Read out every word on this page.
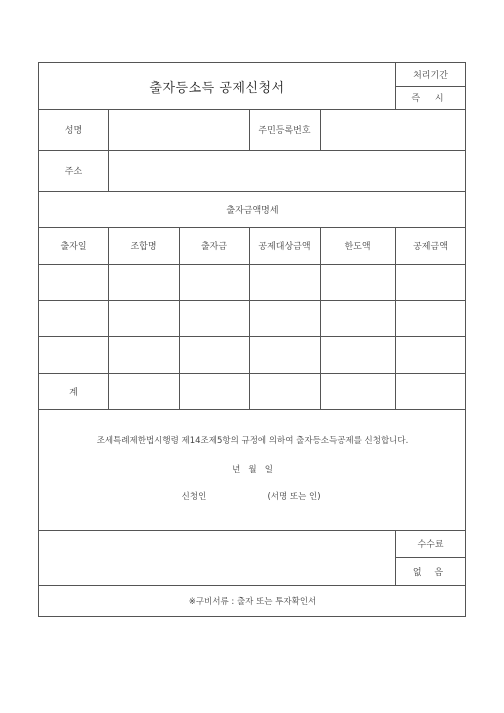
출자등소득 공제신청서
처리기간
즉 시
성명	주민등록번호
주소
출자금액명세
출자일	조합명	출자금	공제대상금액	한도액	공제금액
계
조세특례제한법시행령 제14조제5항의 규정에 의하여 출자등소득공제를 신청합니다.
년   월   일
신청인	(서명 또는 인)
수수료
없 음
※구비서류 : 출자 또는 투자확인서
